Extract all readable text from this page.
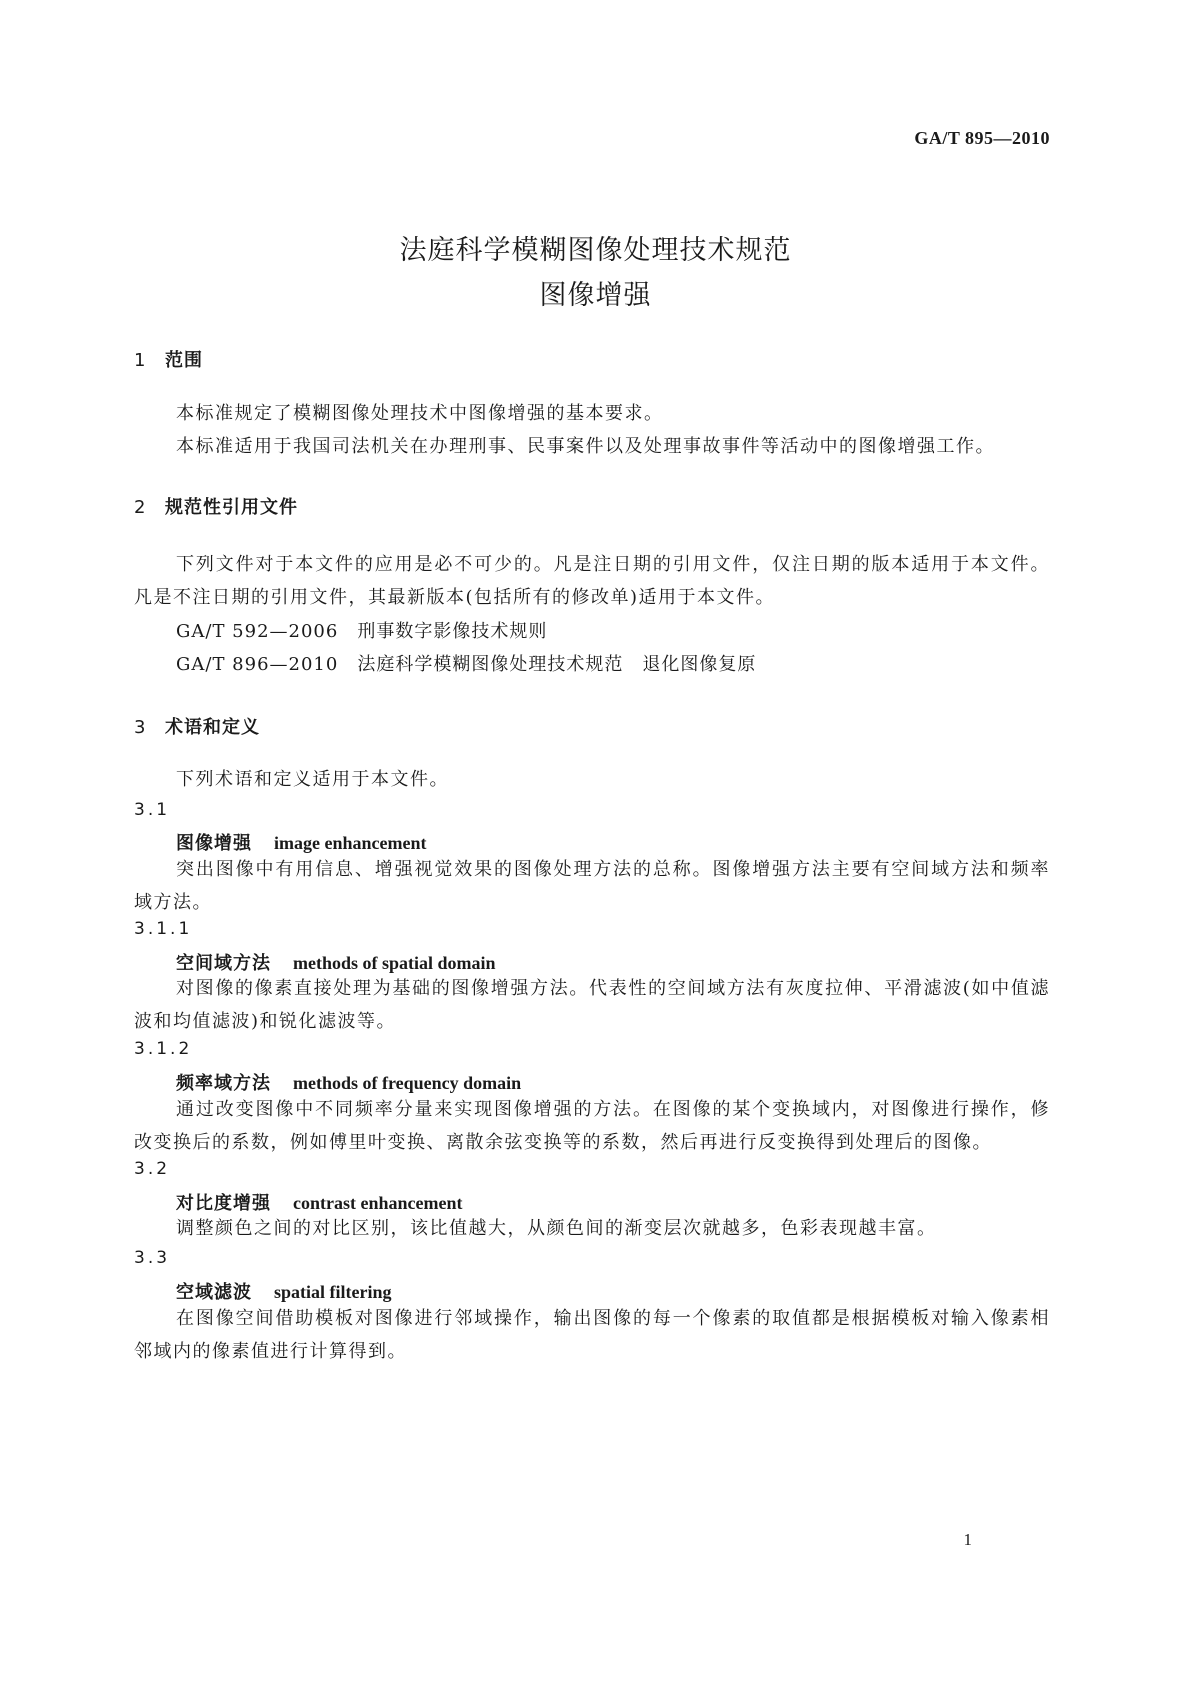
GA/T 895—2010
法庭科学模糊图像处理技术规范
图像增强
1 范围
本标准规定了模糊图像处理技术中图像增强的基本要求。
本标准适用于我国司法机关在办理刑事、民事案件以及处理事故事件等活动中的图像增强工作。
2 规范性引用文件
下列文件对于本文件的应用是必不可少的。凡是注日期的引用文件，仅注日期的版本适用于本文件。凡是不注日期的引用文件，其最新版本(包括所有的修改单)适用于本文件。
GA/T 592—2006　刑事数字影像技术规则
GA/T 896—2010　法庭科学模糊图像处理技术规范　退化图像复原
3 术语和定义
下列术语和定义适用于本文件。
3.1
图像增强 image enhancement
突出图像中有用信息、增强视觉效果的图像处理方法的总称。图像增强方法主要有空间域方法和频率域方法。
3.1.1
空间域方法 methods of spatial domain
对图像的像素直接处理为基础的图像增强方法。代表性的空间域方法有灰度拉伸、平滑滤波(如中值滤波和均值滤波)和锐化滤波等。
3.1.2
频率域方法 methods of frequency domain
通过改变图像中不同频率分量来实现图像增强的方法。在图像的某个变换域内，对图像进行操作，修改变换后的系数，例如傅里叶变换、离散余弦变换等的系数，然后再进行反变换得到处理后的图像。
3.2
对比度增强 contrast enhancement
调整颜色之间的对比区别，该比值越大，从颜色间的渐变层次就越多，色彩表现越丰富。
3.3
空域滤波 spatial filtering
在图像空间借助模板对图像进行邻域操作，输出图像的每一个像素的取值都是根据模板对输入像素相邻域内的像素值进行计算得到。
1
